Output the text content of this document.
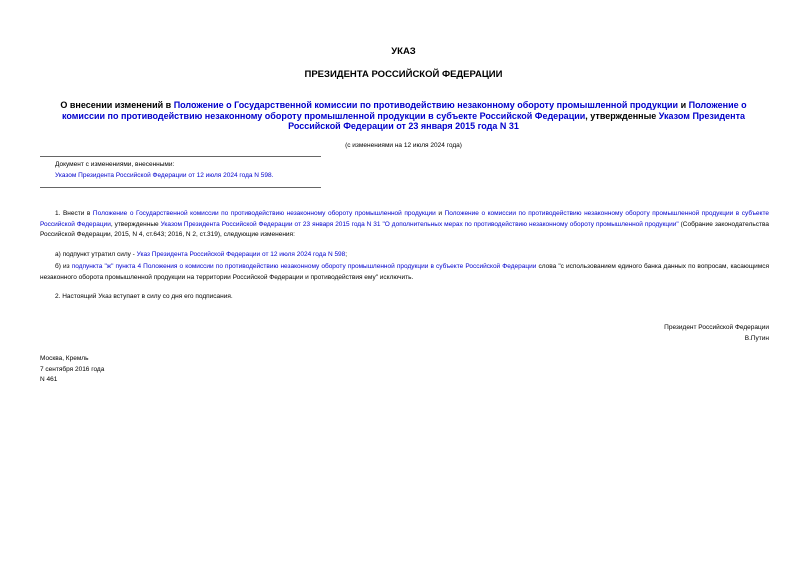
УКАЗ
ПРЕЗИДЕНТА РОССИЙСКОЙ ФЕДЕРАЦИИ
О внесении изменений в Положение о Государственной комиссии по противодействию незаконному обороту промышленной продукции и Положение о комиссии по противодействию незаконному обороту промышленной продукции в субъекте Российской Федерации, утвержденные Указом Президента Российской Федерации от 23 января 2015 года N 31
(с изменениями на 12 июля 2024 года)
Документ с изменениями, внесенными:
Указом Президента Российской Федерации от 12 июля 2024 года N 598.
1. Внести в Положение о Государственной комиссии по противодействию незаконному обороту промышленной продукции и Положение о комиссии по противодействию незаконному обороту промышленной продукции в субъекте Российской Федерации, утвержденные Указом Президента Российской Федерации от 23 января 2015 года N 31 "О дополнительных мерах по противодействию незаконному обороту промышленной продукции" (Собрание законодательства Российской Федерации, 2015, N 4, ст.643; 2016, N 2, ст.319), следующие изменения:
а) подпункт утратил силу - Указ Президента Российской Федерации от 12 июля 2024 года N 598;
б) из подпункта "ж" пункта 4 Положения о комиссии по противодействию незаконному обороту промышленной продукции в субъекте Российской Федерации слова "с использованием единого банка данных по вопросам, касающимся незаконного оборота промышленной продукции на территории Российской Федерации и противодействия ему" исключить.
2. Настоящий Указ вступает в силу со дня его подписания.
Президент Российской Федерации
В.Путин
Москва, Кремль
7 сентября 2016 года
N 461
